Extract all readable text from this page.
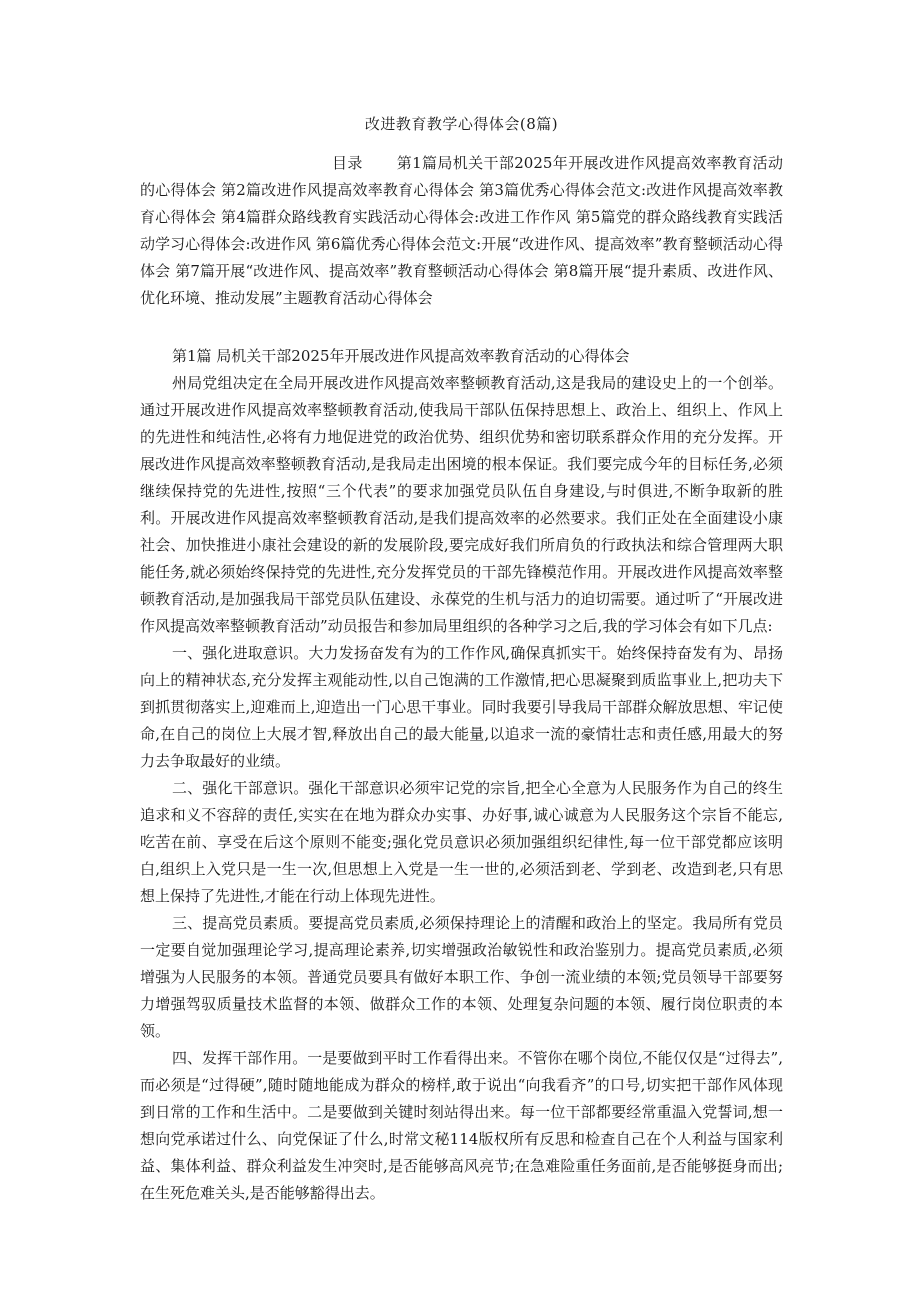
改进教育教学心得体会(8篇)

目录 第1篇局机关干部2025年开展改进作风提高效率教育活动的心得体会 第2篇改进作风提高效率教育心得体会 第3篇优秀心得体会范文:改进作风提高效率教育心得体会 第4篇群众路线教育实践活动心得体会:改进工作作风 第5篇党的群众路线教育实践活动学习心得体会:改进作风 第6篇优秀心得体会范文:开展“改进作风、提高效率”教育整顿活动心得体会 第7篇开展“改进作风、提高效率”教育整顿活动心得体会 第8篇开展“提升素质、改进作风、优化环境、推动发展”主题教育活动心得体会

第1篇 局机关干部2025年开展改进作风提高效率教育活动的心得体会

州局党组决定在全局开展改进作风提高效率整顿教育活动,这是我局的建设史上的一个创举。通过开展改进作风提高效率整顿教育活动,使我局干部队伍保持思想上、政治上、组织上、作风上的先进性和纯洁性,必将有力地促进党的政治优势、组织优势和密切联系群众作用的充分发挥。开展改进作风提高效率整顿教育活动,是我局走出困境的根本保证。我们要完成今年的目标任务,必须继续保持党的先进性,按照“三个代表”的要求加强党员队伍自身建设,与时俱进,不断争取新的胜利。开展改进作风提高效率整顿教育活动,是我们提高效率的必然要求。我们正处在全面建设小康社会、加快推进小康社会建设的新的发展阶段,要完成好我们所肩负的行政执法和综合管理两大职能任务,就必须始终保持党的先进性,充分发挥党员的干部先锋模范作用。开展改进作风提高效率整顿教育活动,是加强我局干部党员队伍建设、永葆党的生机与活力的迫切需要。通过听了“开展改进作风提高效率整顿教育活动”动员报告和参加局里组织的各种学习之后,我的学习体会有如下几点:

一、强化进取意识。大力发扬奋发有为的工作作风,确保真抓实干。始终保持奋发有为、昂扬向上的精神状态,充分发挥主观能动性,以自己饱满的工作激情,把心思凝聚到质监事业上,把功夫下到抓贯彻落实上,迎难而上,迎造出一门心思干事业。同时我要引导我局干部群众解放思想、牢记使命,在自己的岗位上大展才智,释放出自己的最大能量,以追求一流的豪情壮志和责任感,用最大的努力去争取最好的业绩。

二、强化干部意识。强化干部意识必须牢记党的宗旨,把全心全意为人民服务作为自己的终生追求和义不容辞的责任,实实在在地为群众办实事、办好事,诚心诚意为人民服务这个宗旨不能忘,吃苦在前、享受在后这个原则不能变;强化党员意识必须加强组织纪律性,每一位干部党都应该明白,组织上入党只是一生一次,但思想上入党是一生一世的,必须活到老、学到老、改造到老,只有思想上保持了先进性,才能在行动上体现先进性。

三、提高党员素质。要提高党员素质,必须保持理论上的清醒和政治上的坚定。我局所有党员一定要自觉加强理论学习,提高理论素养,切实增强政治敏锐性和政治鉴别力。提高党员素质,必须增强为人民服务的本领。普通党员要具有做好本职工作、争创一流业绩的本领;党员领导干部要努力增强驾驭质量技术监督的本领、做群众工作的本领、处理复杂问题的本领、履行岗位职责的本领。

四、发挥干部作用。一是要做到平时工作看得出来。不管你在哪个岗位,不能仅仅是“过得去”,而必须是“过得硬”,随时随地能成为群众的榜样,敢于说出“向我看齐”的口号,切实把干部作风体现到日常的工作和生活中。二是要做到关键时刻站得出来。每一位干部都要经常重温入党誓词,想一想向党承诺过什么、向党保证了什么,时常文秘114版权所有反思和检查自己在个人利益与国家利益、集体利益、群众利益发生冲突时,是否能够高风亮节;在急难险重任务面前,是否能够挺身而出;在生死危难关头,是否能够豁得出去。
